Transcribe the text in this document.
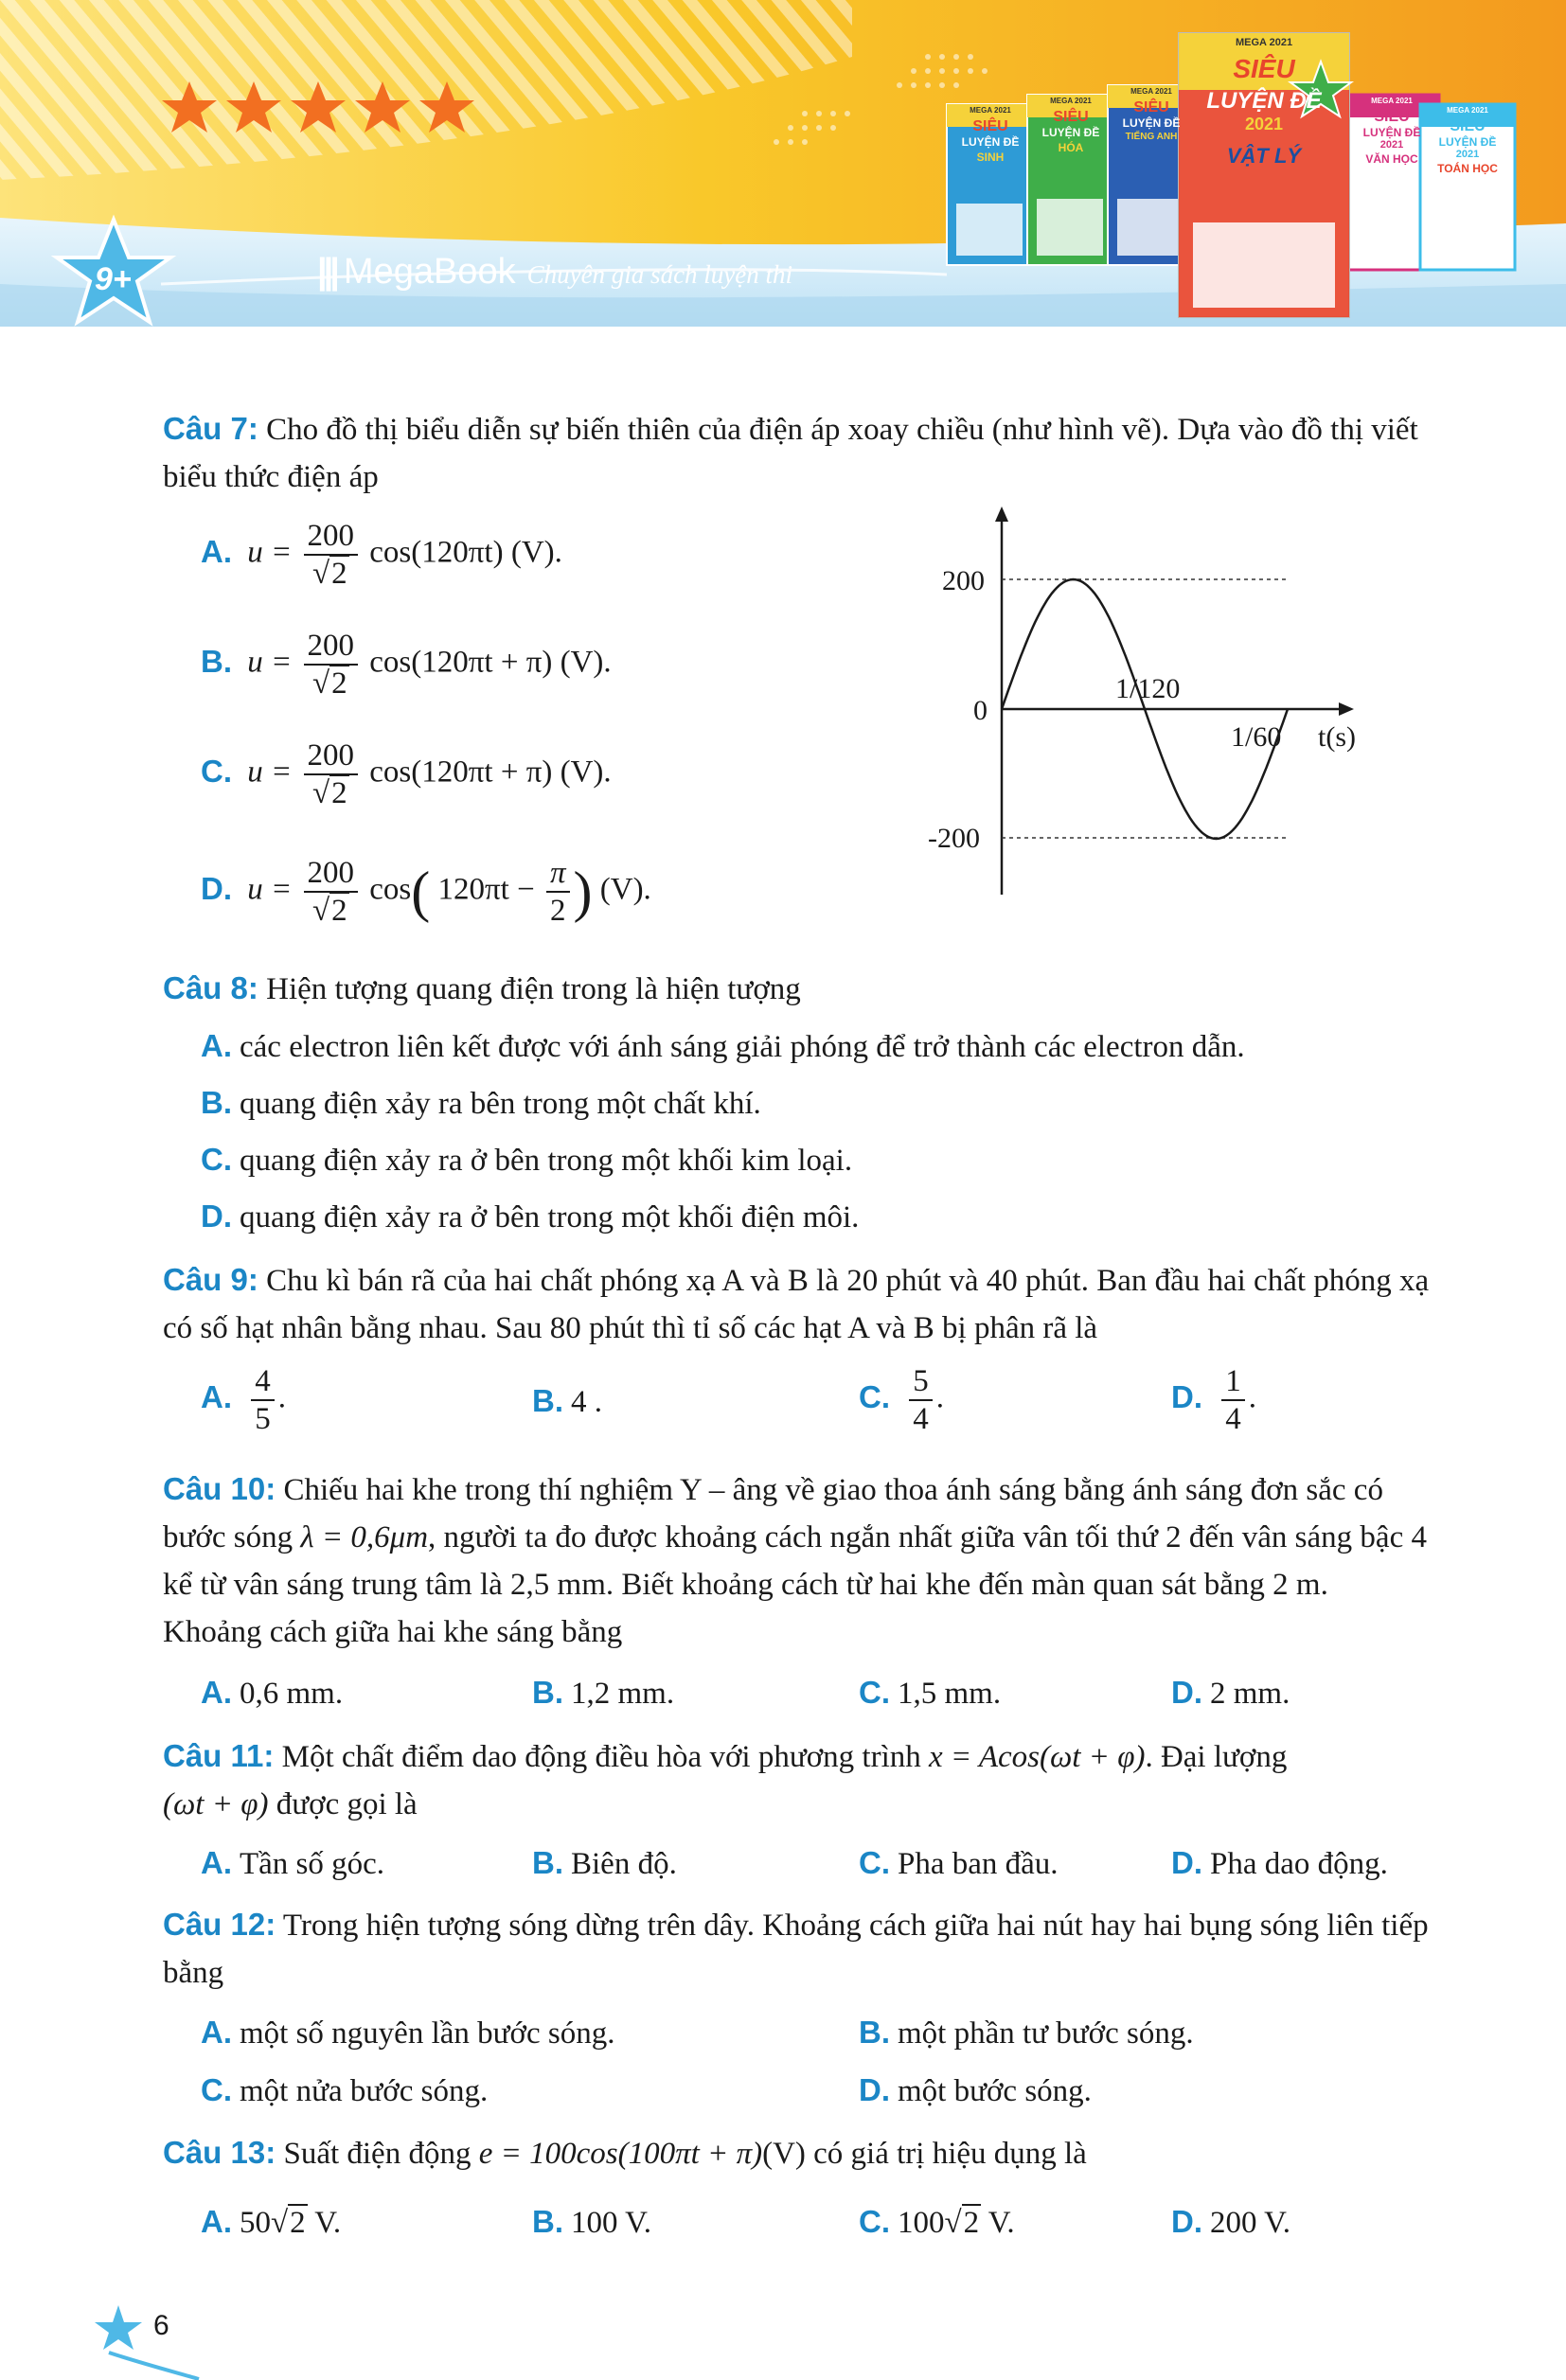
9+	||| MegaBook Chuyên gia sách luyện thi
MEGA 2021
SIÊU
LUYỆN ĐỀ
2021
VẬT LÝ
MEGA 2021
SIÊU
LUYỆN ĐỀ
SINH
MEGA 2021
SIÊU
LUYỆN ĐỀ
HÓA
MEGA 2021
SIÊU
LUYỆN ĐỀ
TIẾNG ANH
MEGA 2021
SIÊU
LUYỆN ĐỀ
2021
VĂN HỌC
MEGA 2021
SIÊU
LUYỆN ĐỀ
2021
TOÁN HỌC
Câu 7: Cho đồ thị biểu diễn sự biến thiên của điện áp xoay chiều (như hình vẽ). Dựa vào đồ thị viết biểu thức điện áp
A. $u = \frac{200}{√2} \cos(120\pi t)$ (V).
B. $u = \frac{200}{√2} \cos(120\pi t + \pi)$ (V).
C. $u = \frac{200}{√2} \cos(120\pi t + \pi)$ (V).
D. $u = \frac{200}{√2} \cos$( $120\pi t - \frac{\pi}{2}$ ) (V).
200
0
-200
1/120
1/60 t(s)
Câu 8: Hiện tượng quang điện trong là hiện tượng
A. các electron liên kết được với ánh sáng giải phóng để trở thành các electron dẫn.
B. quang điện xảy ra bên trong một chất khí.
C. quang điện xảy ra ở bên trong một khối kim loại.
D. quang điện xảy ra ở bên trong một khối điện môi.
Câu 9: Chu kì bán rã của hai chất phóng xạ A và B là 20 phút và 40 phút. Ban đầu hai chất phóng xạ có số hạt nhân bằng nhau. Sau 80 phút thì tỉ số các hạt A và B bị phân rã là
A. $\frac{4}{5}$ .	B. 4 .	C. $\frac{5}{4}$ .	D. $\frac{1}{4}$ .
Câu 10: Chiếu hai khe trong thí nghiệm Y – âng về giao thoa ánh sáng bằng ánh sáng đơn sắc có bước sóng λ = 0,6μm, người ta đo được khoảng cách ngắn nhất giữa vân tối thứ 2 đến vân sáng bậc 4 kể từ vân sáng trung tâm là 2,5 mm. Biết khoảng cách từ hai khe đến màn quan sát bằng 2 m. Khoảng cách giữa hai khe sáng bằng
A. 0,6 mm.	B. 1,2 mm.	C. 1,5 mm.	D. 2 mm.
Câu 11: Một chất điểm dao động điều hòa với phương trình x = Acos(ωt + φ). Đại lượng
(ωt + φ) được gọi là
A. Tần số góc.	B. Biên độ.	C. Pha ban đầu.	D. Pha dao động.
Câu 12: Trong hiện tượng sóng dừng trên dây. Khoảng cách giữa hai nút hay hai bụng sóng liên tiếp bằng
A. một số nguyên lần bước sóng.	B. một phần tư bước sóng.
C. một nửa bước sóng.	D. một bước sóng.
Câu 13: Suất điện động e = 100cos(100πt + π)(V) có giá trị hiệu dụng là
A. 50√2 V.	B. 100 V.	C. 100√2 V.	D. 200 V.
6
